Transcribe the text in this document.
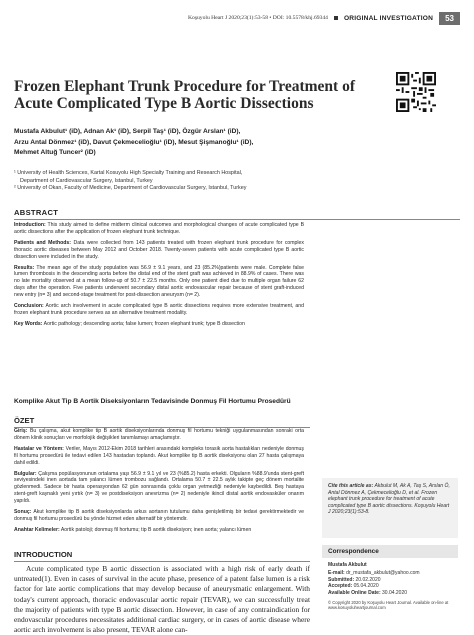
Koşuyolu Heart J 2020;23(1):53-58 • DOI: 10.5578/khj.69344 ORIGINAL INVESTIGATION	53
Frozen Elephant Trunk Procedure for Treatment of Acute Complicated Type B Aortic Dissections
Mustafa Akbulut¹ (iD), Adnan Ak¹ (iD), Serpil Taş¹ (iD), Özgür Arslan¹ (iD),
Arzu Antal Dönmez¹ (iD), Davut Çekmecelioğlu¹ (iD), Mesut Şişmanoğlu¹ (iD),
Mehmet Altuğ Tuncer² (iD)
¹ University of Health Sciences, Kartal Kosuyolu High Specialty Training and Research Hospital,
Department of Cardiovascular Surgery, Istanbul, Turkey
² University of Okan, Faculty of Medicine, Department of Cardiovascular Surgery, Istanbul, Turkey
ABSTRACT

Introduction: This study aimed to define midterm clinical outcomes and morphological changes of acute complicated type B aortic dissections after the application of frozen elephant trunk technique.

Patients and Methods: Data were collected from 143 patients treated with frozen elephant trunk procedure for complex thoracic aortic diseases between May 2012 and October 2018. Twenty-seven patients with acute complicated type B aortic dissection were included in the study.

Results: The mean age of the study population was 56.9 ± 9.1 years, and 23 (85.2%)patients were male. Complete false lumen thrombosis in the descending aorta before the distal end of the stent graft was achieved in 88.9% of cases. There was no late mortality observed at a mean follow-up of 50.7 ± 22.5 months. Only one patient died due to multiple organ failure 62 days after the operation. Five patients underwent secondary distal aortic endovascular repair because of stent graft-induced new entry (n= 3) and second-stage treatment for post-dissection aneurysm (n= 2).

Conclusion: Aortic arch involvement in acute complicated type B aortic dissections requires more extensive treatment, and frozen elephant trunk procedure serves as an alternative treatment modality.

Key Words: Aortic pathology; descending aorta; false lumen; frozen elephant trunk; type B dissection

Komplike Akut Tip B Aortik Diseksiyonların Tedavisinde Donmuş Fil Hortumu Prosedürü
ÖZET

Giriş: Bu çalışma, akut komplike tip B aortik diseksiyonlarında donmuş fil hortumu tekniği uygulanmasından sonraki orta dönem klinik sonuçları ve morfolojik değişikleri tanımlamayı amaçlamıştır.

Hastalar ve Yöntem: Veriler, Mayıs 2012-Ekim 2018 tarihleri arasındaki kompleks torasik aorta hastalıkları nedeniyle donmuş fil hortumu prosedürü ile tedavi edilen 143 hastadan toplandı. Akut komplike tip B aortik diseksiyonu olan 27 hasta çalışmaya dahil edildi.

Bulgular: Çalışma popülasyonunun ortalama yaşı 56.9 ± 9.1 yıl ve 23 (%85.2) hasta erkekti. Olguların %88.9'unda stent-greft seviyesindeki inen aortada tam yalancı lümen trombozu sağlandı. Ortalama 50.7 ± 22.5 aylık takipte geç dönem mortalite gözlenmedi. Sadece bir hasta operasyondan 62 gün sonrasında çoklu organ yetmezliği nedeniyle kaybedildi. Beş hastaya stent-greft kaynaklı yeni yırtık (n= 3) ve postdiseksiyon anevrizma (n= 2) nedeniyle ikincil distal aortik endovasküler onarım yapıldı.

Sonuç: Akut komplike tip B aortik diseksiyonlarda arkus aortanın tutulumu daha genişletilmiş bir tedavi gerektirmektedir ve donmuş fil hortumu prosedürü bu yönde hizmet eden alternatif bir yöntemdir.

Anahtar Kelimeler: Aortik patoloji; donmuş fil hortumu; tip B aortik diseksiyon; inen aorta; yalancı lümen

Cite this article as: Akbulut M, Ak A, Taş S, Arslan Ö, Antal Dönmez A, Çekmecelioğlu D, et al. Frozen elephant trunk procedure for treatment of acute complicated type B aortic dissections. Koşuyolu Heart J 2020;23(1):53-8.
Correspondence
Mustafa Akbulut
E-mail: dr_mustafa_akbulut@yahoo.com
Submitted: 20.02.2020
Accepted: 05.04.2020
Available Online Date: 30.04.2020
© Copyright 2020 by Koşuyolu Heart Journal. Available on-line at www.kosuyoluheartjournal.com
INTRODUCTION

Acute complicated type B aortic dissection is associated with a high risk of early death if untreated(1). Even in cases of survival in the acute phase, presence of a patent false lumen is a risk factor for late aortic complications that may develop because of aneurysmatic enlargement. With today's current approach, thoracic endovascular aortic repair (TEVAR), we can successfully treat the majority of patients with type B aortic dissection. However, in case of any contraindication for endovascular procedures necessitates additional cardiac surgery, or in cases of aortic disease where aortic arch involvement is also present, TEVAR alone can-
